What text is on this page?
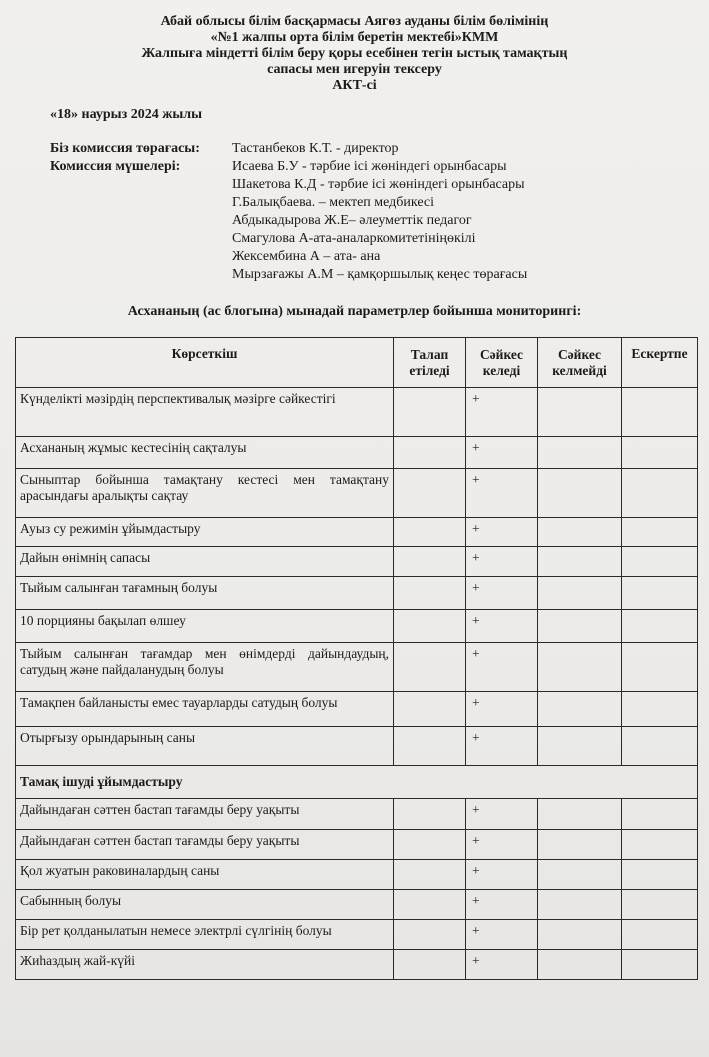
Абай облысы білім басқармасы Аягөз ауданы білім бөлімінің
«№1 жалпы орта білім беретін мектебі»КММ
Жалпыға міндетті білім беру қоры есебінен тегін ыстық тамақтың
сапасы мен игеруін тексеру
АКТ-сі
«18» наурыз 2024 жылы
Біз комиссия төрағасы:	Тастанбеков К.Т. - директор
Комиссия мүшелері:	Исаева Б.У - тәрбие ісі жөніндегі орынбасары
Шакетова К.Д - тәрбие ісі жөніндегі орынбасары
Г.Балықбаева. – мектеп медбикесі
Абдыкадырова Ж.Е– әлеуметтік педагог
Смагулова А-ата-аналаркомитетініңөкілі
Жексембина А – ата- ана
Мырзағажы А.М – қамқоршылық кеңес төрағасы
Асхананың (ас блогына) мынадай параметрлер бойынша мониторингі:
Көрсеткіш	Талап етіледі	Сәйкес келеді	Сәйкес келмейді	Ескертпе
Күнделікті мәзірдің перспективалық мәзірге сәйкестігі		+		
Асхананың жұмыс кестесінің сақталуы		+		
Сыныптар бойынша тамақтану кестесі мен тамақтану арасындағы аралықты сақтау		+		
Ауыз су режимін ұйымдастыру		+		
Дайын өнімнің сапасы		+		
Тыйым салынған тағамның болуы		+		
10 порцияны бақылап өлшеу		+		
Тыйым салынған тағамдар мен өнімдерді дайындаудың, сатудың және пайдаланудың болуы		+		
Тамақпен байланысты емес тауарларды сатудың болуы		+		
Отырғызу орындарының саны		+		
Тамақ ішуді ұйымдастыру				
Дайындаған сәттен бастап тағамды беру уақыты		+		
Дайындаған сәттен бастап тағамды беру уақыты		+		
Қол жуатын раковиналардың саны		+		
Сабынның болуы		+		
Бір рет қолданылатын немесе электрлі сүлгінің болуы		+		
Жиһаздың жай-күйі		+		
